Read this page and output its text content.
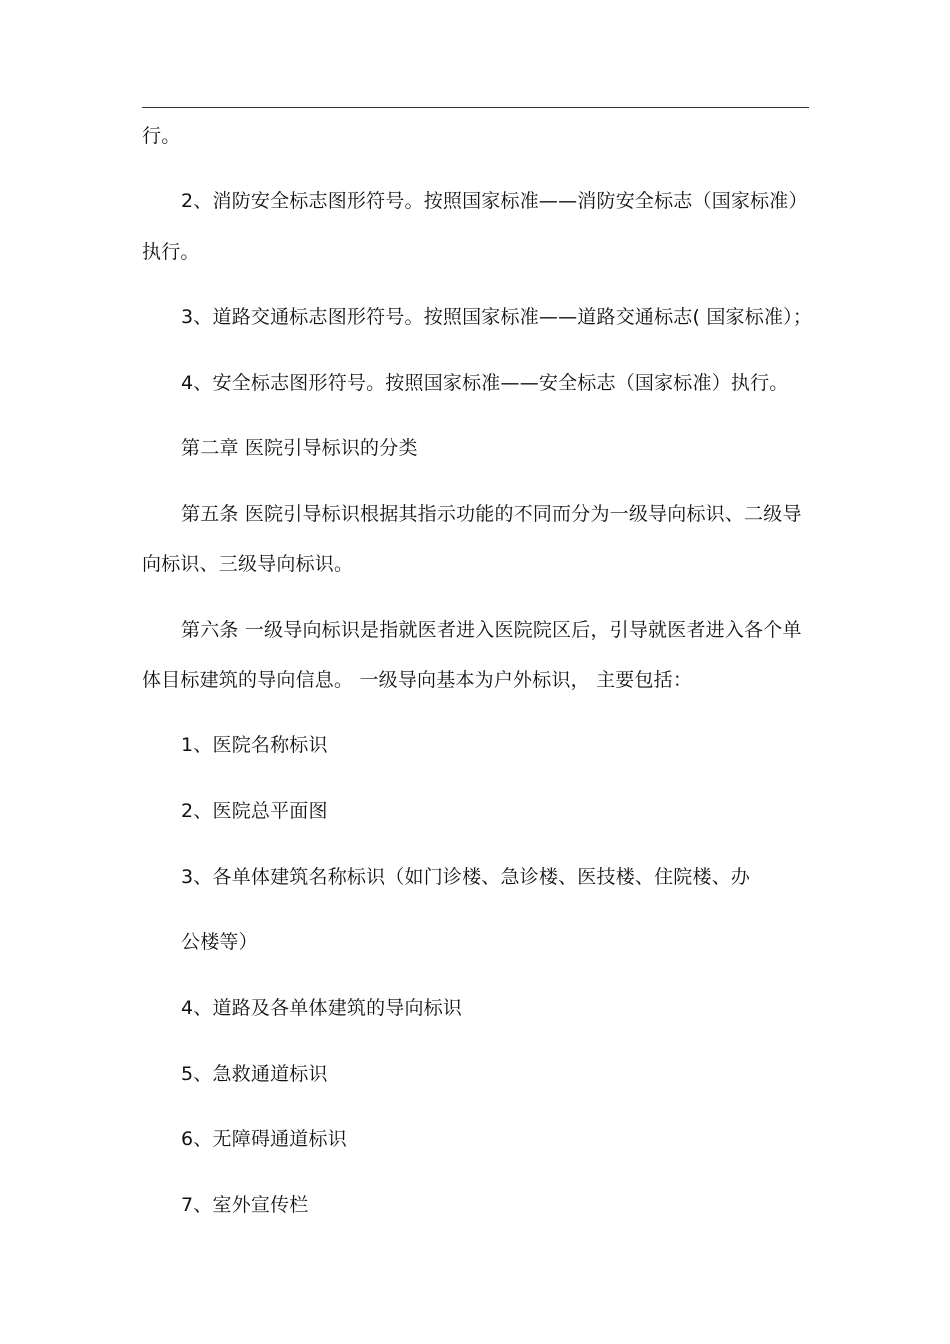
行。

2、消防安全标志图形符号。按照国家标准——消防安全标志（国家标准）

执行。

3、道路交通标志图形符号。按照国家标准——道路交通标志( 国家标准）；

4、安全标志图形符号。按照国家标准——安全标志（国家标准）执行。

第二章 医院引导标识的分类

第五条 医院引导标识根据其指示功能的不同而分为一级导向标识、二级导

向标识、三级导向标识。

第六条 一级导向标识是指就医者进入医院院区后，引导就医者进入各个单

体目标建筑的导向信息。 一级导向基本为户外标识， 主要包括：

1、医院名称标识

2、医院总平面图

3、各单体建筑名称标识（如门诊楼、急诊楼、医技楼、住院楼、办

公楼等）

4、道路及各单体建筑的导向标识

5、急救通道标识

6、无障碍通道标识

7、室外宣传栏
